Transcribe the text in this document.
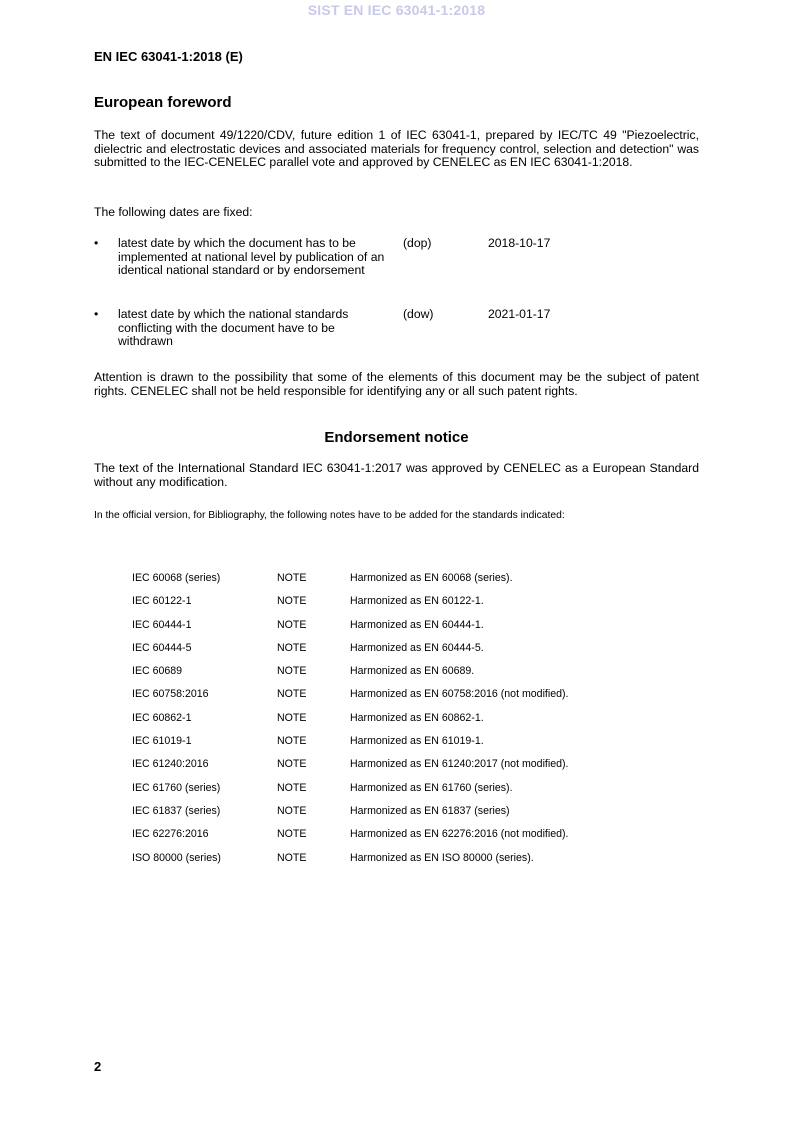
SIST EN IEC 63041-1:2018
EN IEC 63041-1:2018 (E)
European foreword
The text of document 49/1220/CDV, future edition 1 of IEC 63041-1, prepared by IEC/TC 49 "Piezoelectric, dielectric and electrostatic devices and associated materials for frequency control, selection and detection" was submitted to the IEC-CENELEC parallel vote and approved by CENELEC as EN IEC 63041-1:2018.
The following dates are fixed:
•	latest date by which the document has to be implemented at national level by publication of an identical national standard or by endorsement
(dop)	2018-10-17
•	latest date by which the national standards conflicting with the document have to be withdrawn
(dow)	2021-01-17
Attention is drawn to the possibility that some of the elements of this document may be the subject of patent rights. CENELEC shall not be held responsible for identifying any or all such patent rights.
Endorsement notice
The text of the International Standard IEC 63041-1:2017 was approved by CENELEC as a European Standard without any modification.
In the official version, for Bibliography, the following notes have to be added for the standards indicated:
IEC 60068 (series)	NOTE	Harmonized as EN 60068 (series).
IEC 60122-1	NOTE	Harmonized as EN 60122-1.
IEC 60444-1	NOTE	Harmonized as EN 60444-1.
IEC 60444-5	NOTE	Harmonized as EN 60444-5.
IEC 60689	NOTE	Harmonized as EN 60689.
IEC 60758:2016	NOTE	Harmonized as EN 60758:2016 (not modified).
IEC 60862-1	NOTE	Harmonized as EN 60862-1.
IEC 61019-1	NOTE	Harmonized as EN 61019-1.
IEC 61240:2016	NOTE	Harmonized as EN 61240:2017 (not modified).
IEC 61760 (series)	NOTE	Harmonized as EN 61760 (series).
IEC 61837 (series)	NOTE	Harmonized as EN 61837 (series)
IEC 62276:2016	NOTE	Harmonized as EN 62276:2016 (not modified).
ISO 80000 (series)	NOTE	Harmonized as EN ISO 80000 (series).
2
